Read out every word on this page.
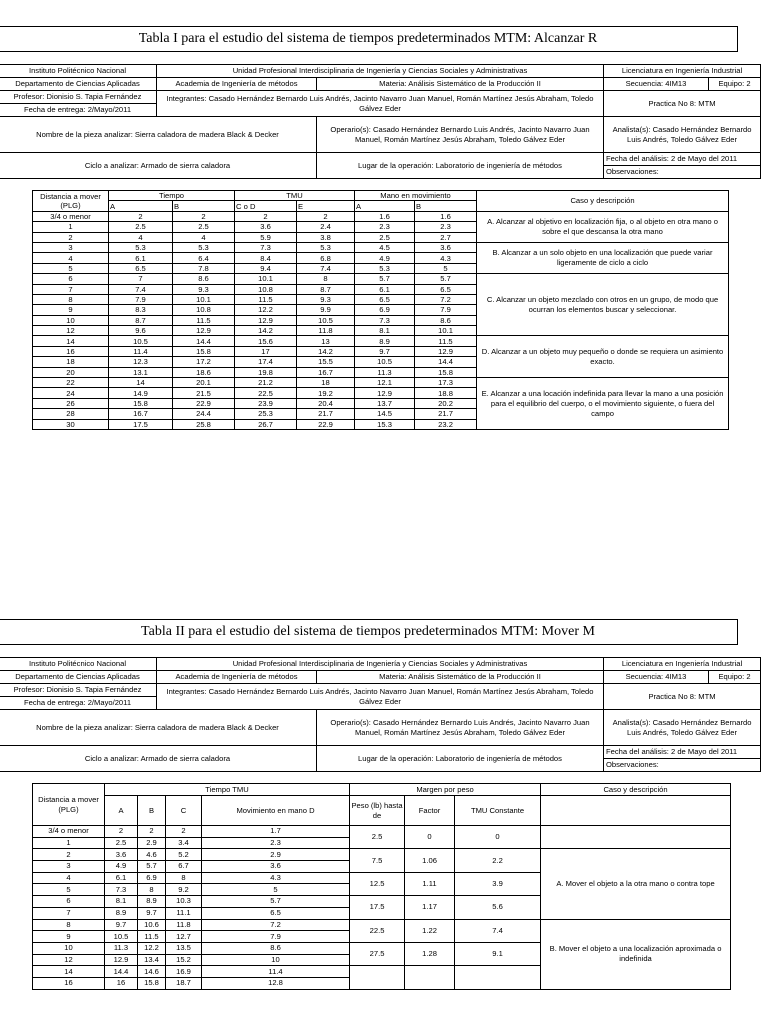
Tabla I para el estudio del sistema de tiempos predeterminados MTM: Alcanzar R
Instituto Politécnico Nacional	Unidad Profesional Interdisciplinaria de Ingeniería y Ciencias Sociales y Administrativas		Licenciatura en Ingeniería Industrial	
Departamento de Ciencias Aplicadas	Academia de Ingeniería de métodos	Materia: Análisis Sistemático de la Producción II	Secuencia: 4IM13	Equipo: 2
Profesor: Dionisio S. Tapia Fernández	Integrantes: Casado Hernández Bernardo Luis Andrés, Jacinto Navarro Juan Manuel, Román Martínez Jesús Abraham, Toledo Gálvez Eder		Practica No 8: MTM	
Fecha de entrega: 2/Mayo/2011				
Nombre de la pieza analizar: Sierra caladora de madera Black & Decker		Operario(s): Casado Hernández Bernardo Luis Andrés, Jacinto Navarro Juan Manuel, Román Martínez Jesús Abraham, Toledo Gálvez Eder	Analista(s): Casado Hernández Bernardo Luis Andrés, Toledo Gálvez Eder	
Ciclo a analizar: Armado de sierra caladora		Lugar de la operación: Laboratorio de ingeniería de métodos	Fecha del análisis: 2 de Mayo del 2011	
			Observaciones:	
Distancia a mover (PLG)	Tiempo		TMU		Mano en movimiento		Caso y descripción
	A	B	C o D	E	A	B	
3/4 o menor	2	2	2	2	1.6	1.6	A. Alcanzar al objetivo en localización fija, o al objeto en otra mano o sobre el que descansa la otra mano
1	2.5	2.5	3.6	2.4	2.3	2.3	
2	4	4	5.9	3.8	2.5	2.7	
3	5.3	5.3	7.3	5.3	4.5	3.6	B. Alcanzar a un solo objeto en una localización que puede variar ligeramente de ciclo a ciclo
4	6.1	6.4	8.4	6.8	4.9	4.3	
5	6.5	7.8	9.4	7.4	5.3	5	
6	7	8.6	10.1	8	5.7	5.7	C. Alcanzar un objeto mezclado con otros en un grupo, de modo que ocurran los elementos buscar y seleccionar.
7	7.4	9.3	10.8	8.7	6.1	6.5	
8	7.9	10.1	11.5	9.3	6.5	7.2	
9	8.3	10.8	12.2	9.9	6.9	7.9	
10	8.7	11.5	12.9	10.5	7.3	8.6	
12	9.6	12.9	14.2	11.8	8.1	10.1	
14	10.5	14.4	15.6	13	8.9	11.5	D. Alcanzar a un objeto muy pequeño o donde se requiera un asimiento exacto.
16	11.4	15.8	17	14.2	9.7	12.9	
18	12.3	17.2	17.4	15.5	10.5	14.4	
20	13.1	18.6	19.8	16.7	11.3	15.8	
22	14	20.1	21.2	18	12.1	17.3	E. Alcanzar a una locación indefinida para llevar la mano a una posición para el equilibrio del cuerpo, o el movimiento siguiente, o fuera del campo
24	14.9	21.5	22.5	19.2	12.9	18.8	
26	15.8	22.9	23.9	20.4	13.7	20.2	
28	16.7	24.4	25.3	21.7	14.5	21.7	
30	17.5	25.8	26.7	22.9	15.3	23.2	
Tabla II para el estudio del sistema de tiempos predeterminados MTM: Mover M
Instituto Politécnico Nacional	Unidad Profesional Interdisciplinaria de Ingeniería y Ciencias Sociales y Administrativas		Licenciatura en Ingeniería Industrial	
Departamento de Ciencias Aplicadas	Academia de Ingeniería de métodos	Materia: Análisis Sistemático de la Producción II	Secuencia: 4IM13	Equipo: 2
Profesor: Dionisio S. Tapia Fernández	Integrantes: Casado Hernández Bernardo Luis Andrés, Jacinto Navarro Juan Manuel, Román Martínez Jesús Abraham, Toledo Gálvez Eder		Practica No 8: MTM	
Fecha de entrega: 2/Mayo/2011				
Nombre de la pieza analizar: Sierra caladora de madera Black & Decker		Operario(s): Casado Hernández Bernardo Luis Andrés, Jacinto Navarro Juan Manuel, Román Martínez Jesús Abraham, Toledo Gálvez Eder	Analista(s): Casado Hernández Bernardo Luis Andrés, Toledo Gálvez Eder	
Ciclo a analizar: Armado de sierra caladora		Lugar de la operación: Laboratorio de ingeniería de métodos	Fecha del análisis: 2 de Mayo del 2011	
			Observaciones:	
Distancia a mover (PLG)	Tiempo TMU				Margen por peso			Caso y descripción
	A	B	C	Movimiento en mano D	Peso (lb) hasta de	Factor	TMU Constante	
3/4 o menor	2	2	2	1.7	2.5	0	0	
1	2.5	2.9	3.4	2.3				
2	3.6	4.6	5.2	2.9	7.5	1.06	2.2	A. Mover el objeto a la otra mano o contra tope
3	4.9	5.7	6.7	3.6				
4	6.1	6.9	8	4.3	12.5	1.11	3.9	
5	7.3	8	9.2	5				
6	8.1	8.9	10.3	5.7	17.5	1.17	5.6	
7	8.9	9.7	11.1	6.5				
8	9.7	10.6	11.8	7.2	22.5	1.22	7.4	B. Mover el objeto a una localización aproximada o indefinida
9	10.5	11.5	12.7	7.9				
10	11.3	12.2	13.5	8.6	27.5	1.28	9.1	
12	12.9	13.4	15.2	10				
14	14.4	14.6	16.9	11.4				
16	16	15.8	18.7	12.8				
